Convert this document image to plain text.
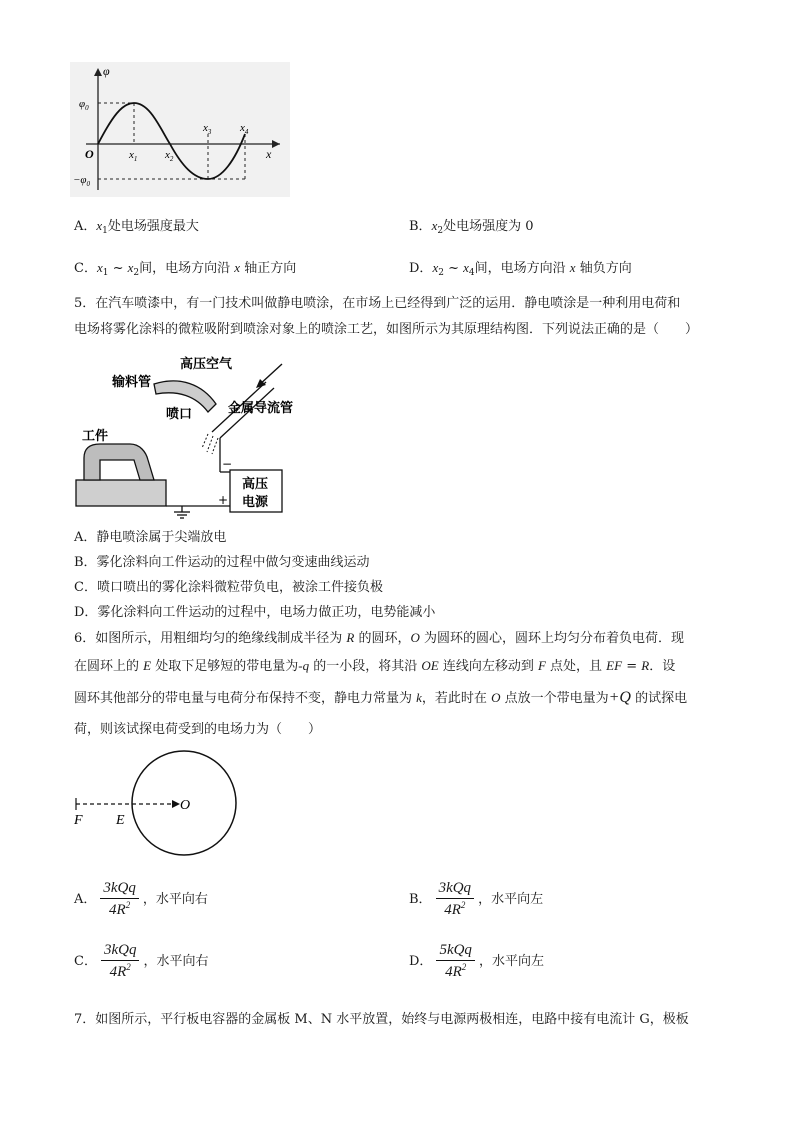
φ
x
O
$\varphi_0$
$-\varphi_0$
$x_1$	$x_2$
$x_3$	$x_4$
A．$x_1$处电场强度最大	B．$x_2$处电场强度为 0
C．$x_1$ ~ $x_2$间，电场方向沿 x 轴正方向	D．$x_2$ ~ $x_4$间，电场方向沿 x 轴负方向
5．在汽车喷漆中，有一门技术叫做静电喷涂，在市场上已经得到广泛的运用．静电喷涂是一种利用电荷和
电场将雾化涂料的微粒吸附到喷涂对象上的喷涂工艺，如图所示为其原理结构图．下列说法正确的是（　　）
高压空气
输料管
喷口	金属导流管
工件
高压
电源
−
+
A．静电喷涂属于尖端放电
B．雾化涂料向工件运动的过程中做匀变速曲线运动
C．喷口喷出的雾化涂料微粒带负电，被涂工件接负极
D．雾化涂料向工件运动的过程中，电场力做正功，电势能减小
6．如图所示，用粗细均匀的绝缘线制成半径为 R 的圆环，O 为圆环的圆心，圆环上均匀分布着负电荷．现
在圆环上的 E 处取下足够短的带电量为-q 的一小段，将其沿 OE 连线向左移动到 F 点处，且 EF = R．设
圆环其他部分的带电量与电荷分布保持不变，静电力常量为 k，若此时在 O 点放一个带电量为+Q 的试探电
荷，则该试探电荷受到的电场力为（　　）
F E
O
A． $\frac{\text{3kQq}}{4R^2}$ ，水平向右	B． $\frac{\text{3kQq}}{4R^2}$ ，水平向左
C． $\frac{\text{3kQq}}{4R^2}$ ，水平向右	D． $\frac{\text{5kQq}}{4R^2}$ ，水平向左
7．如图所示，平行板电容器的金属板 M、N 水平放置，始终与电源两极相连，电路中接有电流计 G，极板
